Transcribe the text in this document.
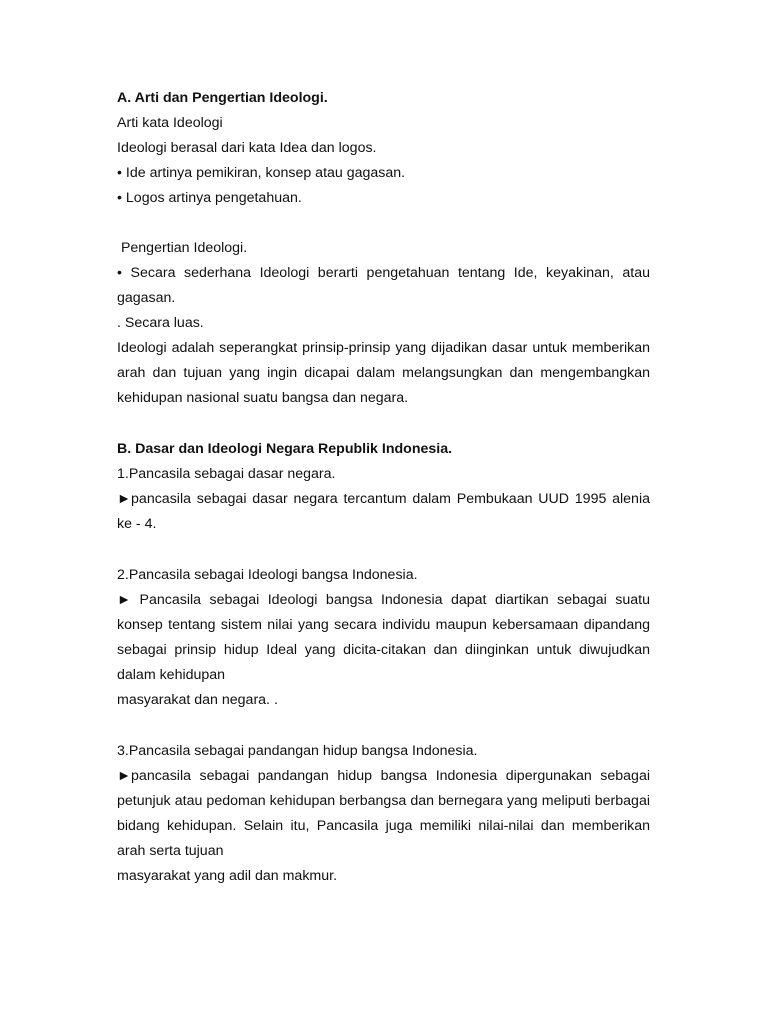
A. Arti dan Pengertian Ideologi.
Arti kata Ideologi
Ideologi berasal dari kata Idea dan logos.
• Ide artinya pemikiran, konsep atau gagasan.
• Logos artinya pengetahuan.
Pengertian Ideologi.
• Secara sederhana Ideologi berarti pengetahuan tentang Ide, keyakinan, atau
gagasan.
. Secara luas.
Ideologi adalah seperangkat prinsip-prinsip yang dijadikan dasar untuk memberikan
arah dan tujuan yang ingin dicapai dalam melangsungkan dan mengembangkan
kehidupan nasional suatu bangsa dan negara.
B. Dasar dan Ideologi Negara Republik Indonesia.
1.Pancasila sebagai dasar negara.
►pancasila sebagai dasar negara tercantum dalam Pembukaan UUD 1995 alenia
ke - 4.
2.Pancasila sebagai Ideologi bangsa Indonesia.
► Pancasila sebagai Ideologi bangsa Indonesia dapat diartikan sebagai suatu
konsep tentang sistem nilai yang secara individu maupun kebersamaan dipandang
sebagai prinsip hidup Ideal yang dicita-citakan dan diinginkan untuk diwujudkan
dalam kehidupan
masyarakat dan negara. .
3.Pancasila sebagai pandangan hidup bangsa Indonesia.
►pancasila sebagai pandangan hidup bangsa Indonesia dipergunakan sebagai
petunjuk atau pedoman kehidupan berbangsa dan bernegara yang meliputi berbagai
bidang kehidupan. Selain itu, Pancasila juga memiliki nilai-nilai dan memberikan
arah serta tujuan
masyarakat yang adil dan makmur.
